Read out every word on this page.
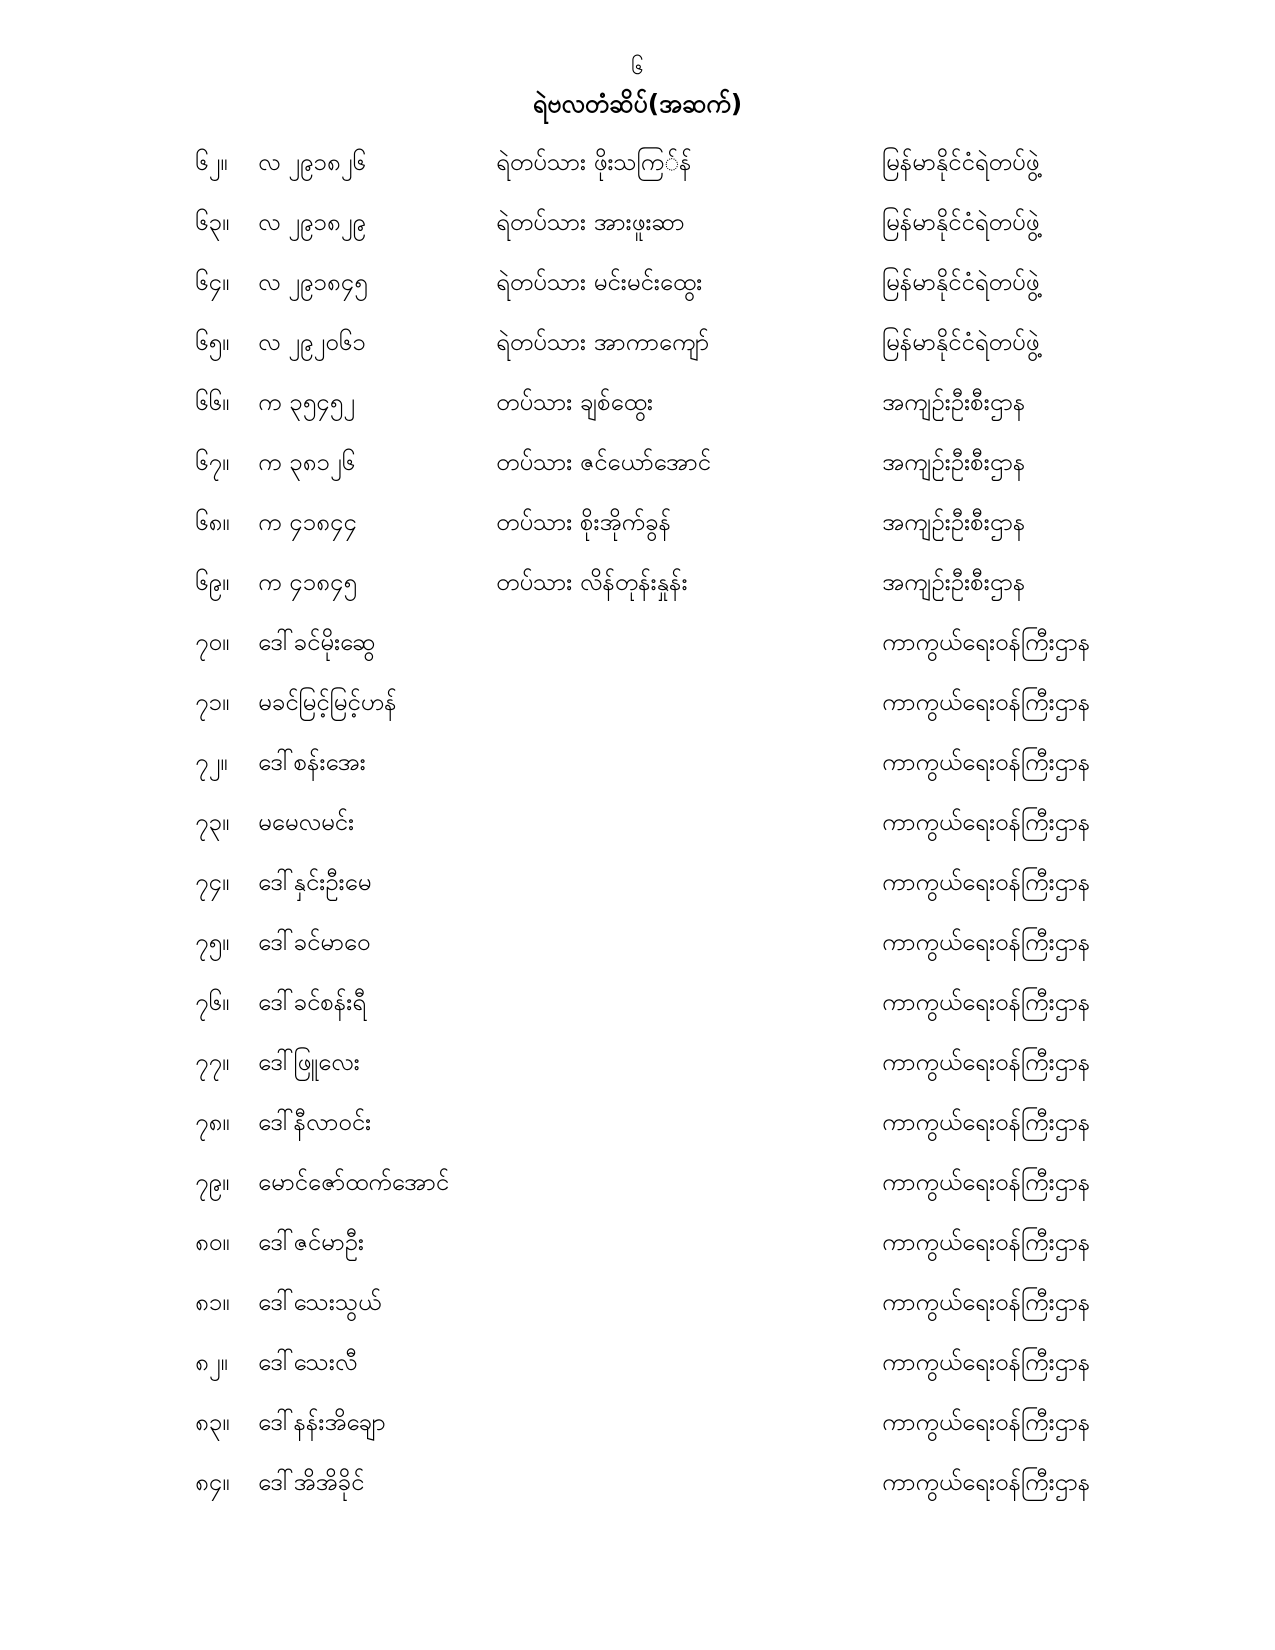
၆
ရဲဗလတံဆိပ်(အဆက်)
၆၂။ လ ၂၉၁၈၂၆	ရဲတပ်သား ဖိုးသကြ်န်	မြန်မာနိုင်ငံရဲတပ်ဖွဲ့
၆၃။ လ ၂၉၁၈၂၉	ရဲတပ်သား အားဖူးဆာ	မြန်မာနိုင်ငံရဲတပ်ဖွဲ့
၆၄။ လ ၂၉၁၈၄၅	ရဲတပ်သား မင်းမင်းထွေး	မြန်မာနိုင်ငံရဲတပ်ဖွဲ့
၆၅။ လ ၂၉၂၀၆၁	ရဲတပ်သား အာကာကျော်	မြန်မာနိုင်ငံရဲတပ်ဖွဲ့
၆၆။ က ၃၅၄၅၂	တပ်သား ချစ်ထွေး	အကျဉ်းဦးစီးဌာန
၆၇။ က ၃၈၁၂၆	တပ်သား ဇင်ယော်အောင်	အကျဉ်းဦးစီးဌာန
၆၈။ က ၄၁၈၄၄	တပ်သား စိုးအိုက်ခွန်	အကျဉ်းဦးစီးဌာန
၆၉။ က ၄၁၈၄၅	တပ်သား လိန်တုန်းနှုန်း	အကျဉ်းဦးစီးဌာန
၇၀။ ဒေါ်ခင်မိုးဆွေ	ကာကွယ်ရေးဝန်ကြီးဌာန
၇၁။ မခင်မြင့်မြင့်ဟန်	ကာကွယ်ရေးဝန်ကြီးဌာန
၇၂။ ဒေါ်စန်းအေး	ကာကွယ်ရေးဝန်ကြီးဌာန
၇၃။ မမေလမင်း	ကာကွယ်ရေးဝန်ကြီးဌာန
၇၄။ ဒေါ်နှင်းဦးမေ	ကာကွယ်ရေးဝန်ကြီးဌာန
၇၅။ ဒေါ်ခင်မာဝေ	ကာကွယ်ရေးဝန်ကြီးဌာန
၇၆။ ဒေါ်ခင်စန်းရီ	ကာကွယ်ရေးဝန်ကြီးဌာန
၇၇။ ဒေါ်ဖြူလေး	ကာကွယ်ရေးဝန်ကြီးဌာန
၇၈။ ဒေါ်နီလာဝင်း	ကာကွယ်ရေးဝန်ကြီးဌာန
၇၉။ မောင်ဇော်ထက်အောင်	ကာကွယ်ရေးဝန်ကြီးဌာန
၈၀။ ဒေါ်ဇင်မာဦး	ကာကွယ်ရေးဝန်ကြီးဌာန
၈၁။ ဒေါ်သေးသွယ်	ကာကွယ်ရေးဝန်ကြီးဌာန
၈၂။ ဒေါ်သေးလီ	ကာကွယ်ရေးဝန်ကြီးဌာန
၈၃။ ဒေါ်နန်းအိချော	ကာကွယ်ရေးဝန်ကြီးဌာန
၈၄။ ဒေါ်အိအိခိုင်	ကာကွယ်ရေးဝန်ကြီးဌာန
